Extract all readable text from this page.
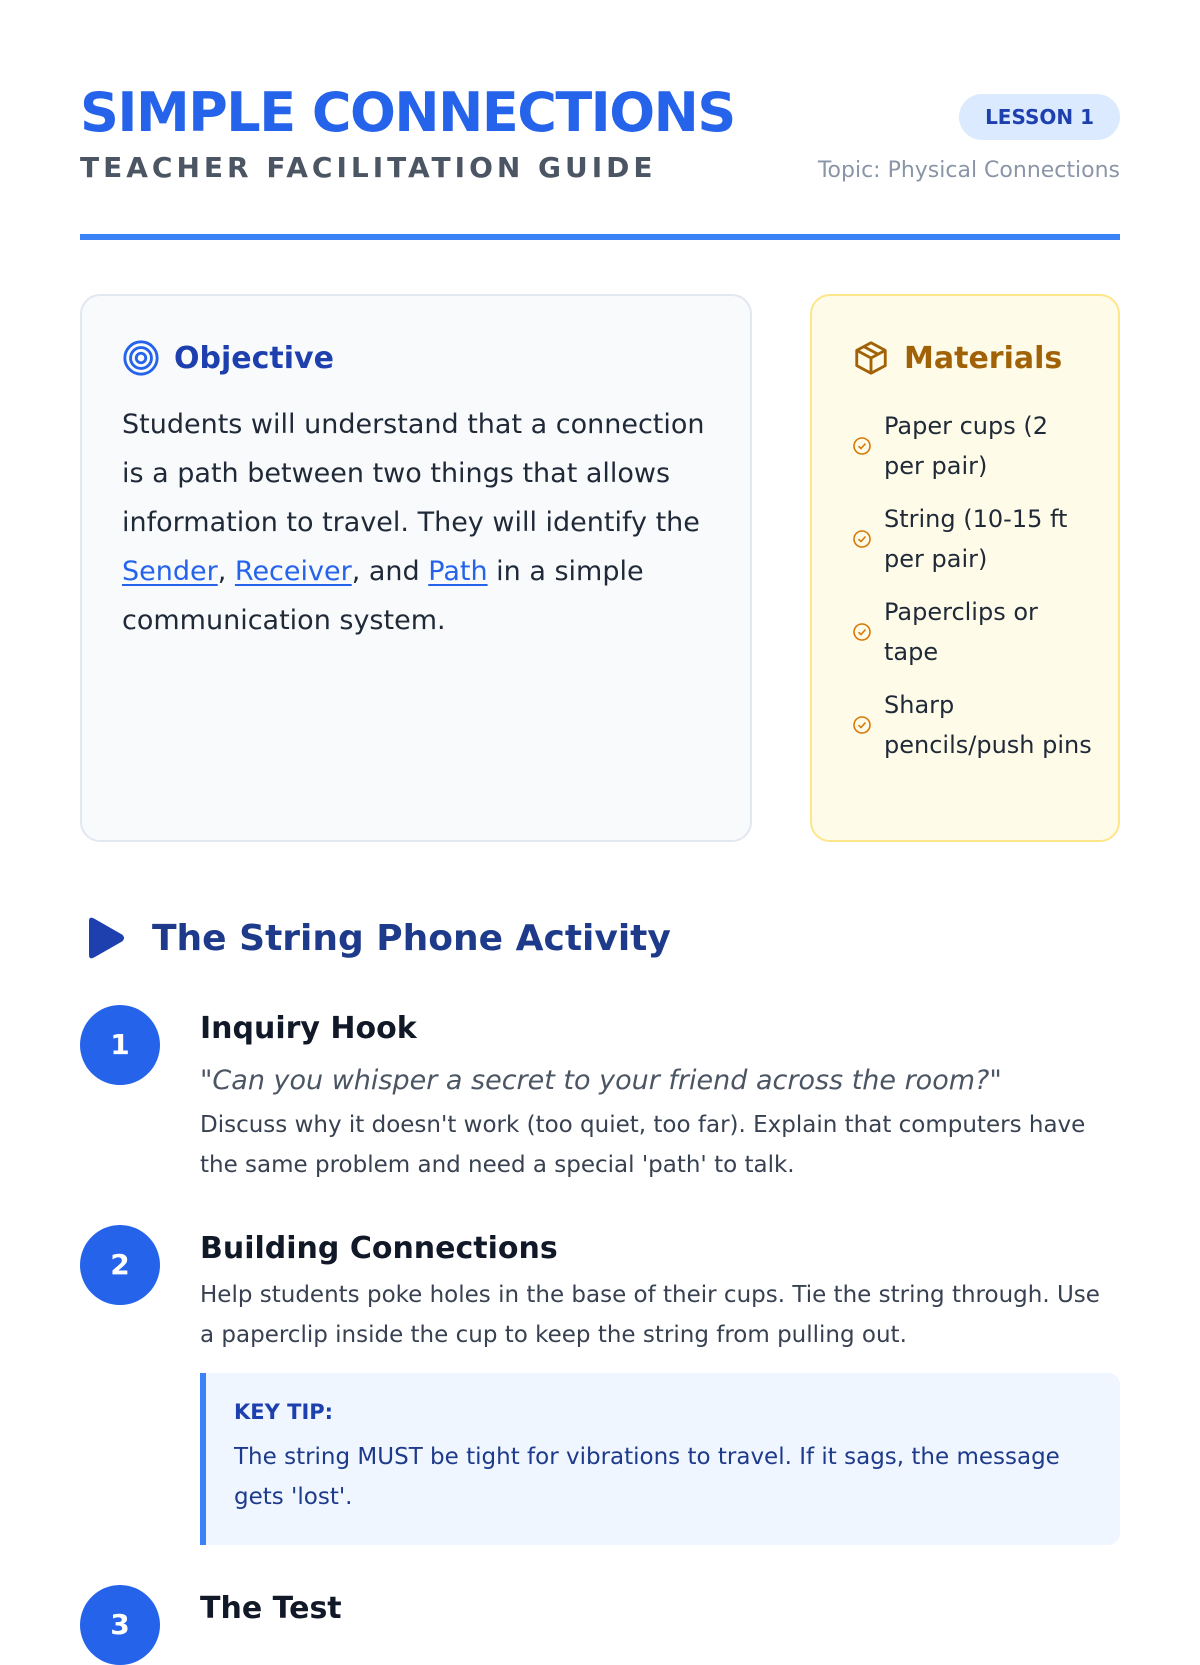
SIMPLE CONNECTIONS
TEACHER FACILITATION GUIDE
LESSON 1
Topic: Physical Connections
Objective
Students will understand that a connection is a path between two things that allows information to travel. They will identify the Sender, Receiver, and Path in a simple communication system.
Materials
Paper cups (2 per pair)
String (10-15 ft per pair)
Paperclips or tape
Sharp pencils/push pins
The String Phone Activity
1	Inquiry Hook
"Can you whisper a secret to your friend across the room?"
Discuss why it doesn't work (too quiet, too far). Explain that computers have the same problem and need a special 'path' to talk.
2	Building Connections
Help students poke holes in the base of their cups. Tie the string through. Use a paperclip inside the cup to keep the string from pulling out.
KEY TIP:
The string MUST be tight for vibrations to travel. If it sags, the message gets 'lost'.
3	The Test
